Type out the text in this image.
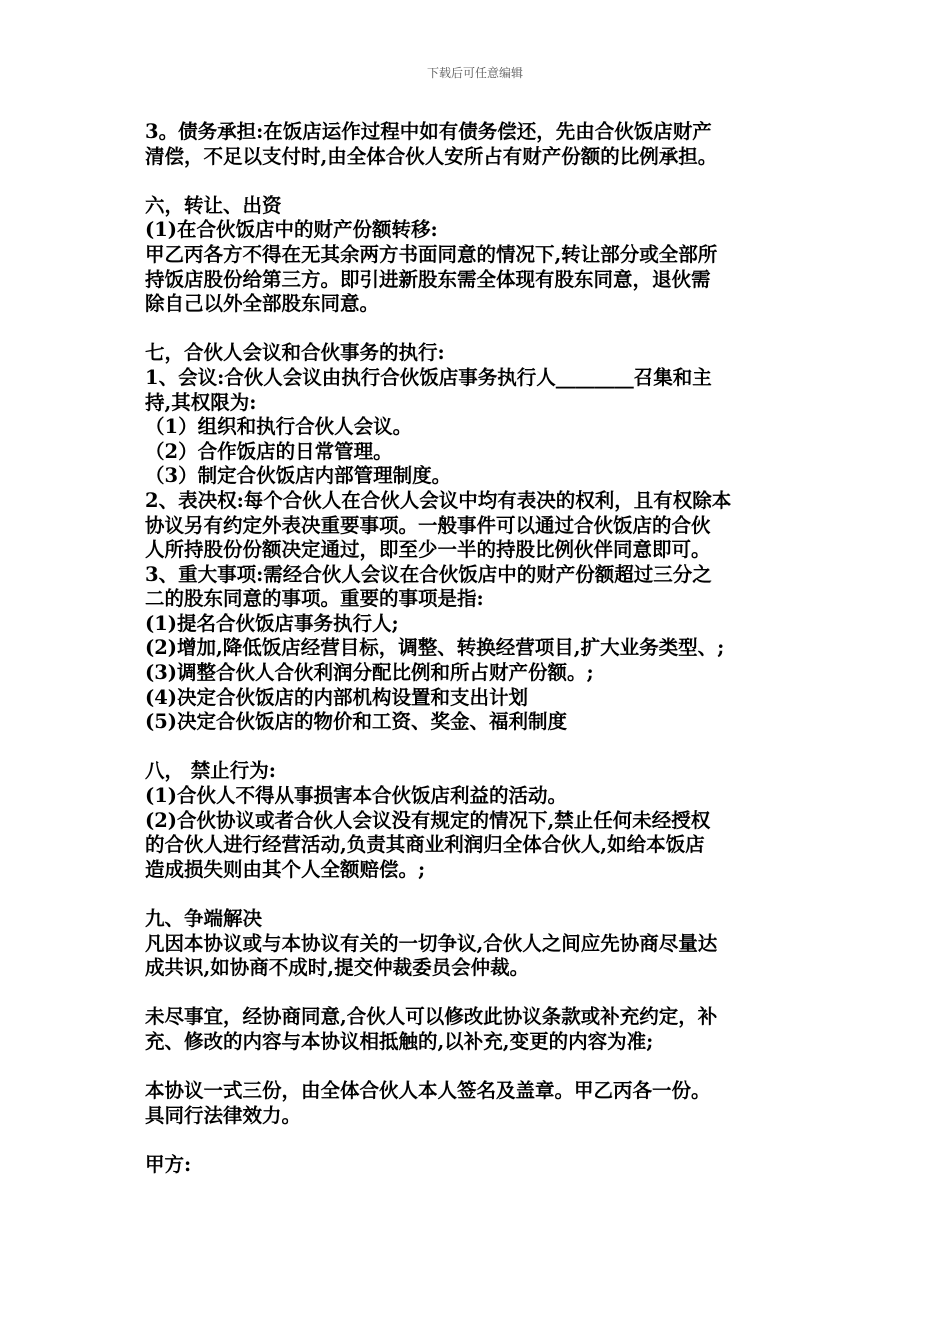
下载后可任意编辑
3。债务承担:在饭店运作过程中如有债务偿还，先由合伙饭店财产
清偿，不足以支付时,由全体合伙人安所占有财产份额的比例承担。
六，转让、出资
(1)在合伙饭店中的财产份额转移:
甲乙丙各方不得在无其余两方书面同意的情况下,转让部分或全部所
持饭店股份给第三方。即引进新股东需全体现有股东同意，退伙需
除自己以外全部股东同意。
七，合伙人会议和合伙事务的执行:
1、会议:合伙人会议由执行合伙饭店事务执行人________召集和主
持,其权限为:
（1）组织和执行合伙人会议。
（2）合作饭店的日常管理。
（3）制定合伙饭店内部管理制度。
2、表决权:每个合伙人在合伙人会议中均有表决的权利，且有权除本
协议另有约定外表决重要事项。一般事件可以通过合伙饭店的合伙
人所持股份份额决定通过，即至少一半的持股比例伙伴同意即可。
3、重大事项:需经合伙人会议在合伙饭店中的财产份额超过三分之
二的股东同意的事项。重要的事项是指:
(1)提名合伙饭店事务执行人;
(2)增加,降低饭店经营目标，调整、转换经营项目,扩大业务类型、;
(3)调整合伙人合伙利润分配比例和所占财产份额。;
(4)决定合伙饭店的内部机构设置和支出计划
(5)决定合伙饭店的物价和工资、奖金、福利制度
八， 禁止行为:
(1)合伙人不得从事损害本合伙饭店利益的活动。
(2)合伙协议或者合伙人会议没有规定的情况下,禁止任何未经授权
的合伙人进行经营活动,负责其商业利润归全体合伙人,如给本饭店
造成损失则由其个人全额赔偿。;
九、争端解决
凡因本协议或与本协议有关的一切争议,合伙人之间应先协商尽量达
成共识,如协商不成时,提交仲裁委员会仲裁。
未尽事宜，经协商同意,合伙人可以修改此协议条款或补充约定，补
充、修改的内容与本协议相抵触的,以补充,变更的内容为准;
本协议一式三份，由全体合伙人本人签名及盖章。甲乙丙各一份。
具同行法律效力。
甲方:
